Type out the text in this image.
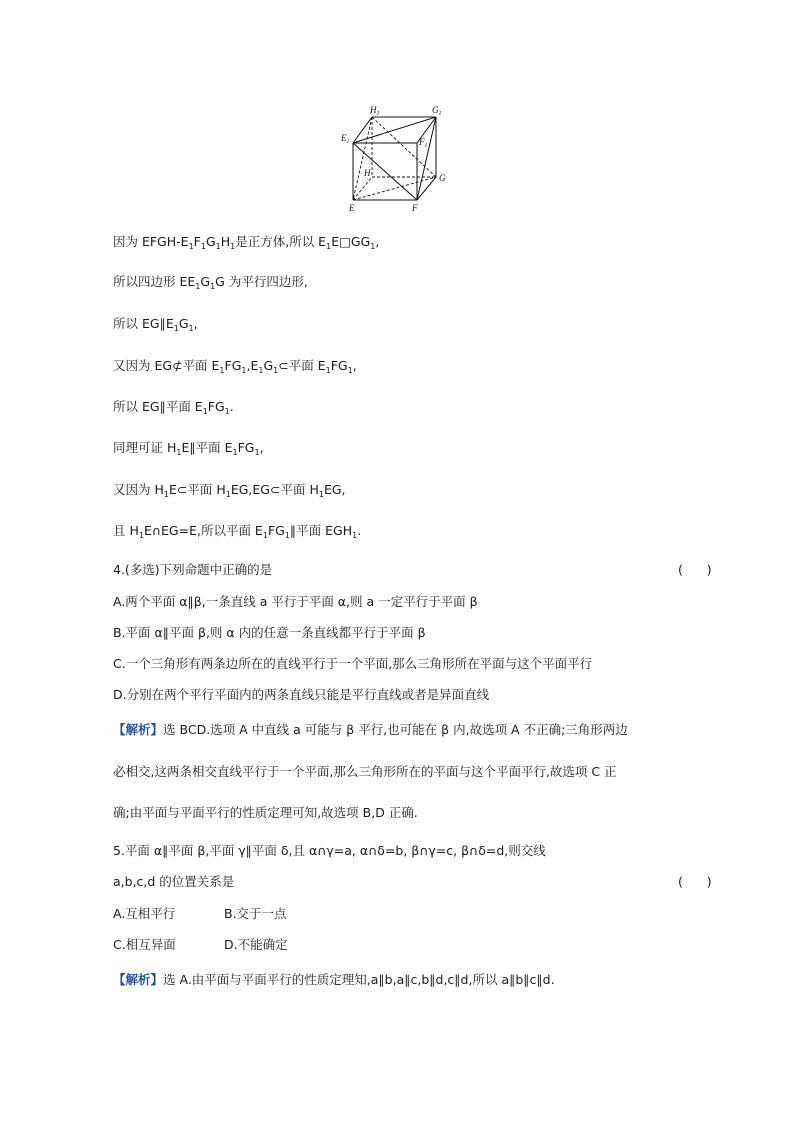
$H_1$	$G_1$
$E_1$	$F_1$
H	G
E	F
因为 EFGH-$E_1F_1G_1H_1$是正方体,所以 $E_1E□GG_1$,
所以四边形 $EE_1G_1G$ 为平行四边形,
所以 $EG\parallel E_1G_1$,
又因为 EG⊄平面 $E_1FG_1,E_1G_1\subset$平面 $E_1FG_1$,
所以 EG∥平面 $E_1FG_1$.
同理可证 $H_1E\parallel$平面 $E_1FG_1$,
又因为 $H_1E\subset$平面 $H_1EG,EG\subset$平面 $H_1EG$,
且 $H_1E\cap EG=E$,所以平面 $E_1FG_1\parallel$平面 $EGH_1$.
4.(多选)下列命题中正确的是	(      )
A.两个平面 α∥β,一条直线 a 平行于平面 α,则 a 一定平行于平面 β
B.平面 α∥平面 β,则 α 内的任意一条直线都平行于平面 β
C.一个三角形有两条边所在的直线平行于一个平面,那么三角形所在平面与这个平面平行
D.分别在两个平行平面内的两条直线只能是平行直线或者是异面直线
【解析】选 BCD.选项 A 中直线 a 可能与 β 平行,也可能在 β 内,故选项 A 不正确;三角形两边
必相交,这两条相交直线平行于一个平面,那么三角形所在的平面与这个平面平行,故选项 C 正
确;由平面与平面平行的性质定理可知,故选项 B,D 正确.
5.平面 α∥平面 β,平面 γ∥平面 δ,且 α∩γ=a, α∩δ=b, β∩γ=c, β∩δ=d,则交线
a,b,c,d 的位置关系是	(      )
A.互相平行	B.交于一点
C.相互异面	D.不能确定
【解析】选 A.由平面与平面平行的性质定理知,a∥b,a∥c,b∥d,c∥d,所以 a∥b∥c∥d.
